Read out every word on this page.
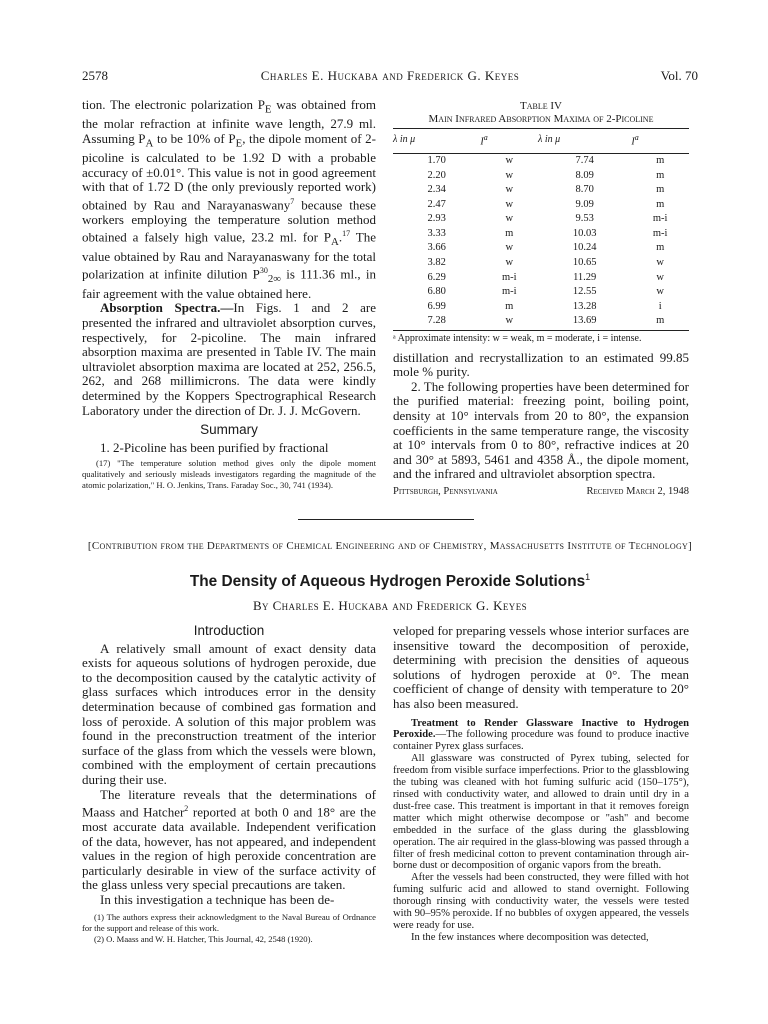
2578	Charles E. Huckaba and Frederick G. Keyes	Vol. 70

tion. The electronic polarization $P_E$ was obtained from the molar refraction at infinite wave length, 27.9 ml. Assuming $P_A$ to be 10% of $P_E$, the dipole moment of 2-picoline is calculated to be 1.92 D with a probable accuracy of ±0.01°. This value is not in good agreement with that of 1.72 D (the only previously reported work) obtained by Rau and Narayanaswany$^7$ because these workers employing the temperature solution method obtained a falsely high value, 23.2 ml. for $P_A.^{17}$ The value obtained by Rau and Narayanaswany for the total polarization at infinite dilution $P^{30}_{2\infty}$ is 111.36 ml., in fair agreement with the value obtained here.

Absorption Spectra.—In Figs. 1 and 2 are presented the infrared and ultraviolet absorption curves, respectively, for 2-picoline. The main infrared absorption maxima are presented in Table IV. The main ultraviolet absorption maxima are located at 252, 256.5, 262, and 268 millimicrons. The data were kindly determined by the Koppers Spectrographical Research Laboratory under the direction of Dr. J. J. McGovern.

Summary

1. 2-Picoline has been purified by fractional

(17) "The temperature solution method gives only the dipole moment qualitatively and seriously misleads investigators regarding the magnitude of the atomic polarization," H. O. Jenkins, Trans. Faraday Soc., 30, 741 (1934).

Table IV
Main Infrared Absorption Maxima of 2-Picoline
λ in μ	$I^a$	λ in μ	$I^a$
1.70	w	7.74	m
2.20	w	8.09	m
2.34	w	8.70	m
2.47	w	9.09	m
2.93	w	9.53	m-i
3.33	m	10.03	m-i
3.66	w	10.24	m
3.82	w	10.65	w
6.29	m-i	11.29	w
6.80	m-i	12.55	w
6.99	m	13.28	i
7.28	w	13.69	m
ᵃ Approximate intensity: w = weak, m = moderate, i = intense.

distillation and recrystallization to an estimated 99.85 mole % purity.

2. The following properties have been determined for the purified material: freezing point, boiling point, density at 10° intervals from 20 to 80°, the expansion coefficients in the same temperature range, the viscosity at 10° intervals from 0 to 80°, refractive indices at 20 and 30° at 5893, 5461 and 4358 Å., the dipole moment, and the infrared and ultraviolet absorption spectra.

Pittsburgh, Pennsylvania	Received March 2, 1948
[Contribution from the Departments of Chemical Engineering and of Chemistry, Massachusetts Institute of Technology]
The Density of Aqueous Hydrogen Peroxide Solutions$^1$
By Charles E. Huckaba and Frederick G. Keyes
Introduction

A relatively small amount of exact density data exists for aqueous solutions of hydrogen peroxide, due to the decomposition caused by the catalytic activity of glass surfaces which introduces error in the density determination because of combined gas formation and loss of peroxide. A solution of this major problem was found in the preconstruction treatment of the interior surface of the glass from which the vessels were blown, combined with the employment of certain precautions during their use.

The literature reveals that the determinations of Maass and Hatcher$^2$ reported at both 0 and 18° are the most accurate data available. Independent verification of the data, however, has not appeared, and independent values in the region of high peroxide concentration are particularly desirable in view of the surface activity of the glass unless very special precautions are taken.

In this investigation a technique has been de-

(1) The authors express their acknowledgment to the Naval Bureau of Ordnance for the support and release of this work.

(2) O. Maass and W. H. Hatcher, This Journal, 42, 2548 (1920).

veloped for preparing vessels whose interior surfaces are insensitive toward the decomposition of peroxide, determining with precision the densities of aqueous solutions of hydrogen peroxide at 0°. The mean coefficient of change of density with temperature to 20° has also been measured.

Treatment to Render Glassware Inactive to Hydrogen Peroxide.—The following procedure was found to produce inactive container Pyrex glass surfaces.

All glassware was constructed of Pyrex tubing, selected for freedom from visible surface imperfections. Prior to the glassblowing the tubing was cleaned with hot fuming sulfuric acid (150–175°), rinsed with conductivity water, and allowed to drain until dry in a dust-free case. This treatment is important in that it removes foreign matter which might otherwise decompose or "ash" and become embedded in the surface of the glass during the glassblowing operation. The air required in the glass-blowing was passed through a filter of fresh medicinal cotton to prevent contamination through air-borne dust or decomposition of organic vapors from the breath.

After the vessels had been constructed, they were filled with hot fuming sulfuric acid and allowed to stand overnight. Following thorough rinsing with conductivity water, the vessels were tested with 90–95% peroxide. If no bubbles of oxygen appeared, the vessels were ready for use.

In the few instances where decomposition was detected,
